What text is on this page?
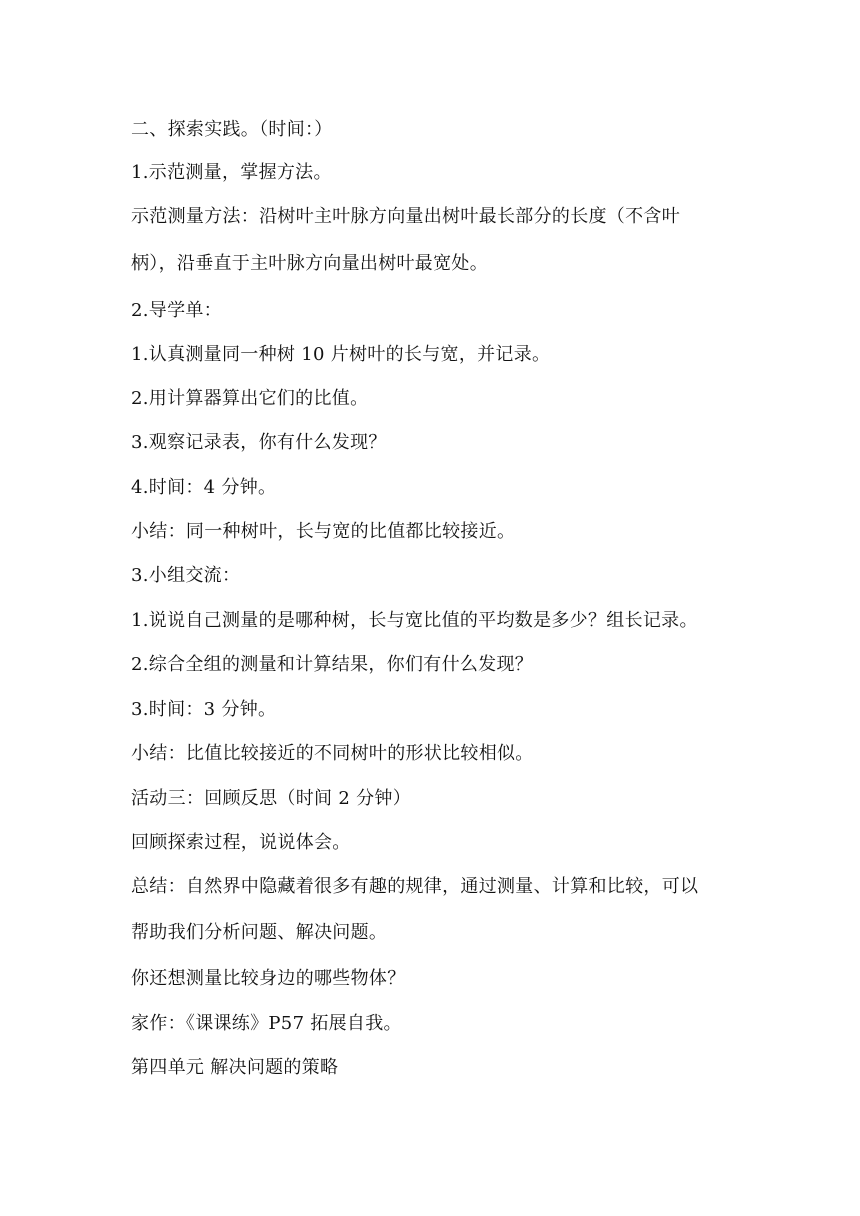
二、探索实践。（时间：）
1.示范测量，掌握方法。
示范测量方法：沿树叶主叶脉方向量出树叶最长部分的长度（不含叶
柄），沿垂直于主叶脉方向量出树叶最宽处。
2.导学单：
1.认真测量同一种树 10 片树叶的长与宽，并记录。
2.用计算器算出它们的比值。
3.观察记录表，你有什么发现？
4.时间：4 分钟。
小结：同一种树叶，长与宽的比值都比较接近。
3.小组交流：
1.说说自己测量的是哪种树，长与宽比值的平均数是多少？组长记录。
2.综合全组的测量和计算结果，你们有什么发现？
3.时间：3 分钟。
小结：比值比较接近的不同树叶的形状比较相似。
活动三：回顾反思（时间 2 分钟）
回顾探索过程，说说体会。
总结：自然界中隐藏着很多有趣的规律，通过测量、计算和比较，可以
帮助我们分析问题、解决问题。
你还想测量比较身边的哪些物体？
家作：《课课练》P57 拓展自我。
第四单元 解决问题的策略
